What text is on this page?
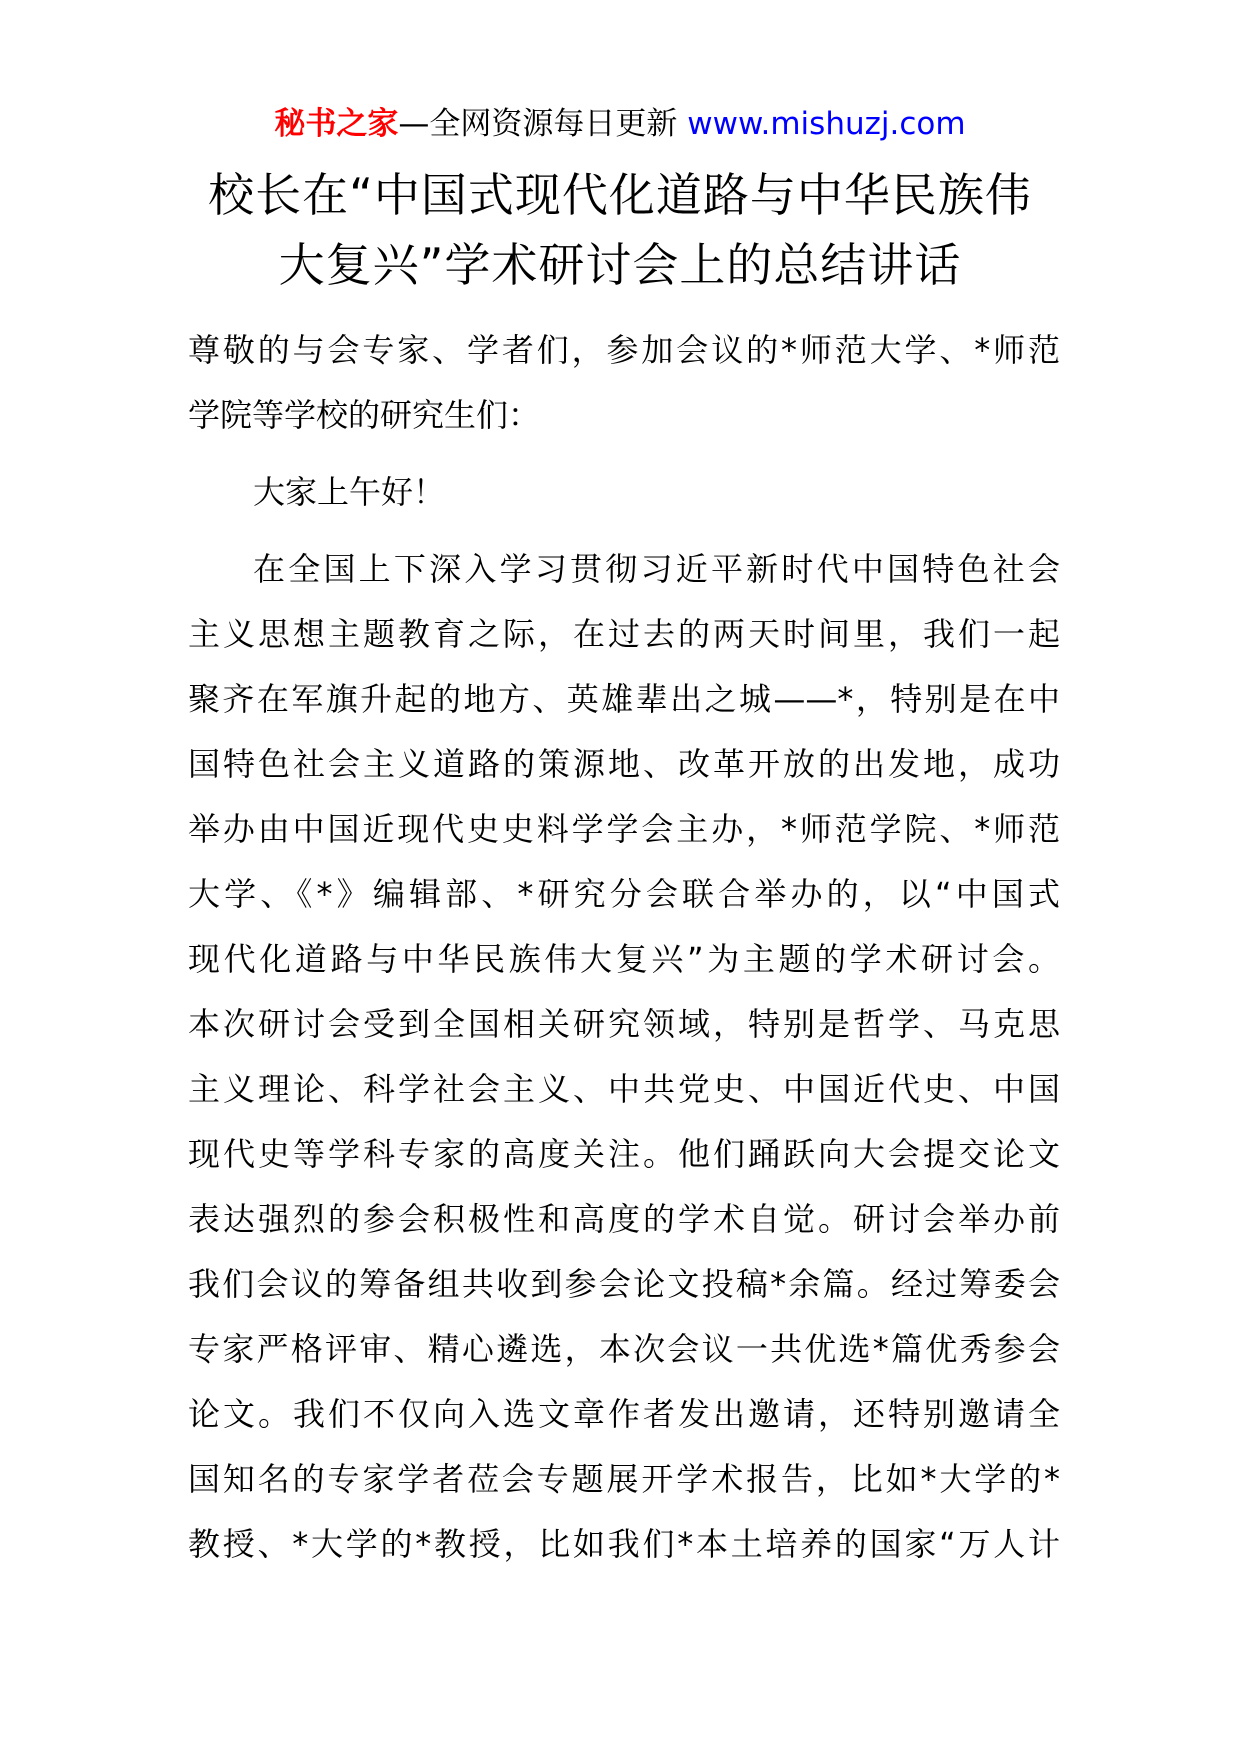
秘书之家—全网资源每日更新 www.mishuzj.com
校长在“中国式现代化道路与中华民族伟
大复兴”学术研讨会上的总结讲话
尊敬的与会专家、学者们，参加会议的*师范大学、*师范
学院等学校的研究生们：
大家上午好！
在全国上下深入学习贯彻习近平新时代中国特色社会
主义思想主题教育之际，在过去的两天时间里，我们一起
聚齐在军旗升起的地方、英雄辈出之城——*，特别是在中
国特色社会主义道路的策源地、改革开放的出发地，成功
举办由中国近现代史史料学学会主办，*师范学院、*师范
大学、《*》编辑部、*研究分会联合举办的，以“中国式
现代化道路与中华民族伟大复兴”为主题的学术研讨会。
本次研讨会受到全国相关研究领域，特别是哲学、马克思
主义理论、科学社会主义、中共党史、中国近代史、中国
现代史等学科专家的高度关注。他们踊跃向大会提交论文
表达强烈的参会积极性和高度的学术自觉。研讨会举办前
我们会议的筹备组共收到参会论文投稿*余篇。经过筹委会
专家严格评审、精心遴选，本次会议一共优选*篇优秀参会
论文。我们不仅向入选文章作者发出邀请，还特别邀请全
国知名的专家学者莅会专题展开学术报告，比如*大学的*
教授、*大学的*教授，比如我们*本土培养的国家“万人计
